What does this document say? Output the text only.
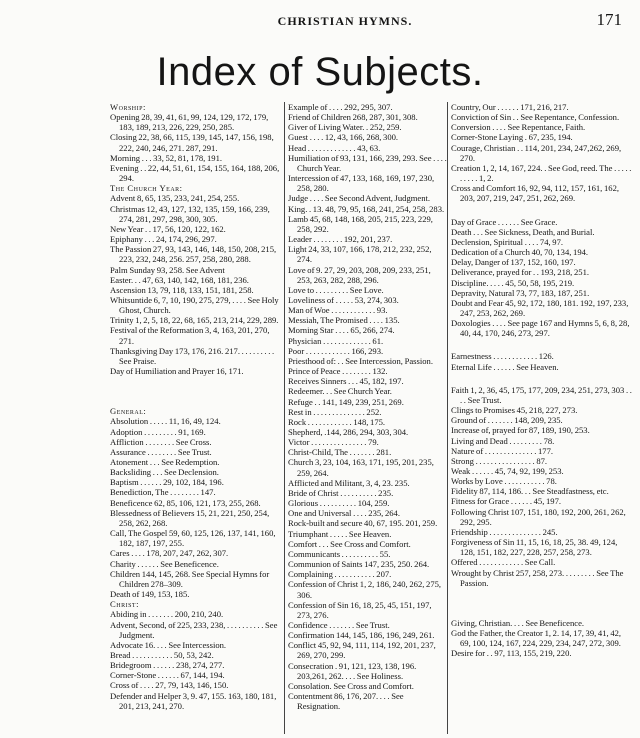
CHRISTIAN HYMNS.	171
Index of Subjects.
Worship:
Opening 28, 39, 41, 61, 99, 124, 129, 172, 179, 183, 189, 213, 226, 229, 250, 285.
Closing 22, 38, 66, 115, 139, 145, 147, 156, 198, 222, 240, 246, 271. 287, 291.
Morning . . . 33, 52, 81, 178, 191.
Evening . . 22, 44, 51, 61, 154, 155, 164, 188, 206, 294.
The Church Year:
Advent 8, 65, 135, 233, 241, 254, 255.
Christmas 12, 43, 127, 132, 135, 159, 166, 239, 274, 281, 297, 298, 300, 305.
New Year . . 17, 56, 120, 122, 162.
Epiphany . . . 24, 174, 296, 297.
The Passion 27, 93, 143, 146, 148, 150, 208, 215, 223, 232, 248, 256. 257, 258, 280, 288.
Palm Sunday 93, 258. See Advent
Easter. . . 47, 63, 140, 142, 168, 181, 236.
Ascension 13, 79, 118, 133, 151, 181, 258.
Whitsuntide 6, 7, 10, 190, 275, 279, . . . . See Holy Ghost, Church.
Trinity 1, 2, 5, 18, 22, 68, 165, 213, 214, 229, 289.
Festival of the Reformation 3, 4, 163, 201, 270, 271.
Thanksgiving Day 173, 176, 216. 217. . . . . . . . . . See Praise.
Day of Humiliation and Prayer 16, 171.
General:
Absolution . . . . . 11, 16, 49, 124.
Adoption . . . . . . . . . 91, 169.
Affliction . . . . . . . . See Cross.
Assurance . . . . . . . . See Trust.
Atonement . . . See Redemption.
Backsliding . . . See Declension.
Baptism . . . . . . 29, 102, 184, 196.
Benediction, The . . . . . . . . 147.
Beneficence 62, 85, 106, 121, 173, 255, 268.
Blessedness of Believers 15, 21, 221, 250, 254, 258, 262, 268.
Call, The Gospel 59, 60, 125, 126, 137, 141, 160, 182, 187, 197, 255.
Cares . . . . 178, 207, 247, 262, 307.
Charity . . . . . . See Beneficence.
Children 144, 145, 268. See Special Hymns for Children 278–309.
Death of 149, 153, 185.
Christ:
Abiding in . . . . . . . 200, 210, 240.
Advent, Second, of 225, 233, 238, . . . . . . . . . . See Judgment.
Advocate 16. . . . See Intercession.
Bread . . . . . . . . . . . 50, 53, 242.
Bridegroom . . . . . . 238, 274, 277.
Corner-Stone . . . . . . 67, 144, 194.
Cross of . . . . 27, 79, 143, 146, 150.
Defender and Helper 3, 9. 47, 155. 163, 180, 181, 201, 213, 241, 270.
Example of . . . . 292, 295, 307.
Friend of Children 268, 287, 301, 308.
Giver of Living Water. . 252, 259.
Guest . . . . 12, 43, 166, 268, 300.
Head . . . . . . . . . . . . . 43, 63.
Humiliation of 93, 131, 166, 239, 293. See . . . . Church Year.
Intercession of 47, 133, 168, 169, 197, 230, 258, 280.
Judge . . . . See Second Advent, Judgment.
King. . 13. 48, 79, 95, 168, 241, 254, 258, 283.
Lamb 45, 68, 148, 168, 205, 215, 223, 229, 258, 292.
Leader . . . . . . . . 192, 201, 237.
Light 24, 33, 107, 166, 178, 212, 232, 252, 274.
Love of 9. 27, 29, 203, 208, 209, 233, 251, 253, 263, 282, 288, 296.
Love to . . . . . . . . . See Love.
Loveliness of . . . . . 53, 274, 303.
Man of Woe . . . . . . . . . . . . 93.
Messiah, The Promised . . . . 135.
Morning Star . . . . 65, 266, 274.
Physician . . . . . . . . . . . . . 61.
Poor . . . . . . . . . . . . 166, 293.
Priesthood of: . . See Intercession, Passion.
Prince of Peace . . . . . . . . 132.
Receives Sinners . . . 45, 182, 197.
Redeemer. . . See Church Year.
Refuge . . 141, 149, 239, 251, 269.
Rest in . . . . . . . . . . . . . . 252.
Rock . . . . . . . . . . . . 148, 175.
Shepherd, .144, 286, 294, 303, 304.
Victor . . . . . . . . . . . . . . . 79.
Christ-Child, The . . . . . . . 281.
Church 3, 23, 104, 163, 171, 195, 201, 235, 259, 264.
Afflicted and Militant, 3, 4, 23. 235.
Bride of Christ . . . . . . . . . . 235.
Glorious . . . . . . . . . . 104, 259.
One and Universal . . . . 235, 264.
Rock-built and secure 40, 67, 195. 201, 259.
Triumphant . . . . . See Heaven.
Comfort . . . See Cross and Comfort.
Communicants . . . . . . . . . . 55.
Communion of Saints 147, 235, 250. 264.
Complaining . . . . . . . . . . . 207.
Confession of Christ 1, 2, 186, 240, 262, 275, 306.
Confession of Sin 16, 18, 25, 45, 151, 197, 273, 276.
Confidence . . . . . . . See Trust.
Confirmation 144, 145, 186, 196, 249, 261.
Conflict 45, 92, 94, 111, 114, 192, 201, 237, 269, 270, 299.
Consecration . 91, 121, 123, 138, 196. 203,261, 262. . . . See Holiness.
Consolation. See Cross and Comfort.
Contentment 86, 176, 207. . . . See Resignation.
Country, Our . . . . . . 171, 216, 217.
Conviction of Sin . . See Repentance, Confession.
Conversion . . . . See Repentance, Faith.
Corner-Stone Laying . 67, 235, 194.
Courage, Christian . . 114, 201, 234, 247,262, 269, 270.
Creation 1, 2, 14, 167, 224. . See God, reed. The . . . . . . . . . . 1, 2.
Cross and Comfort 16, 92, 94, 112, 157, 161, 162, 203, 207, 219, 247, 251, 262, 269.
Day of Grace . . . . . . See Grace.
Death . . . See Sickness, Death, and Burial.
Declension, Spiritual . . . . 74, 97.
Dedication of a Church 40, 70, 134, 194.
Delay, Danger of 137, 152, 160, 197.
Deliverance, prayed for . . 193, 218, 251.
Discipline. . . . . 45, 50, 58, 195, 219.
Depravity, Natural 73, 77, 183, 187, 251.
Doubt and Fear 45, 92, 172, 180, 181. 192, 197, 233, 247, 253, 262, 269.
Doxologies . . . . See page 167 and Hymns 5, 6, 8, 28, 40, 44, 170, 246, 273, 297.
Earnestness . . . . . . . . . . . . 126.
Eternal Life . . . . . . See Heaven.
Faith 1, 2, 36, 45, 175, 177, 209, 234, 251, 273, 303 . . . . See Trust.
Clings to Promises 45, 218, 227, 273.
Ground of . . . . . . . 148, 209, 235.
Increase of, prayed for 87, 189, 190, 253.
Living and Dead . . . . . . . . . 78.
Nature of . . . . . . . . . . . . . . 177.
Strong . . . . . . . . . . . . . . . . 87.
Weak . . . . . . 45, 74, 92, 199, 253.
Works by Love . . . . . . . . . . . 78.
Fidelity 87, 114, 186. . . See Steadfastness, etc.
Fitness for Grace . . . . . . 45, 197.
Following Christ 107, 151, 180, 192, 200, 261, 262, 292, 295.
Friendship . . . . . . . . . . . . . . 245.
Forgiveness of Sin 11, 15, 16, 18, 25, 38. 49, 124, 128, 151, 182, 227, 228, 257, 258, 273.
Offered . . . . . . . . . . . . See Call.
Wrought by Christ 257, 258, 273. . . . . . . . . See The Passion.
Giving, Christian. . . . See Beneficence.
God the Father, the Creator 1, 2. 14, 17, 39, 41, 42, 69, 100, 124, 167, 224, 229, 234, 247, 272, 309.
Desire for . . 97, 113, 155, 219, 220.
